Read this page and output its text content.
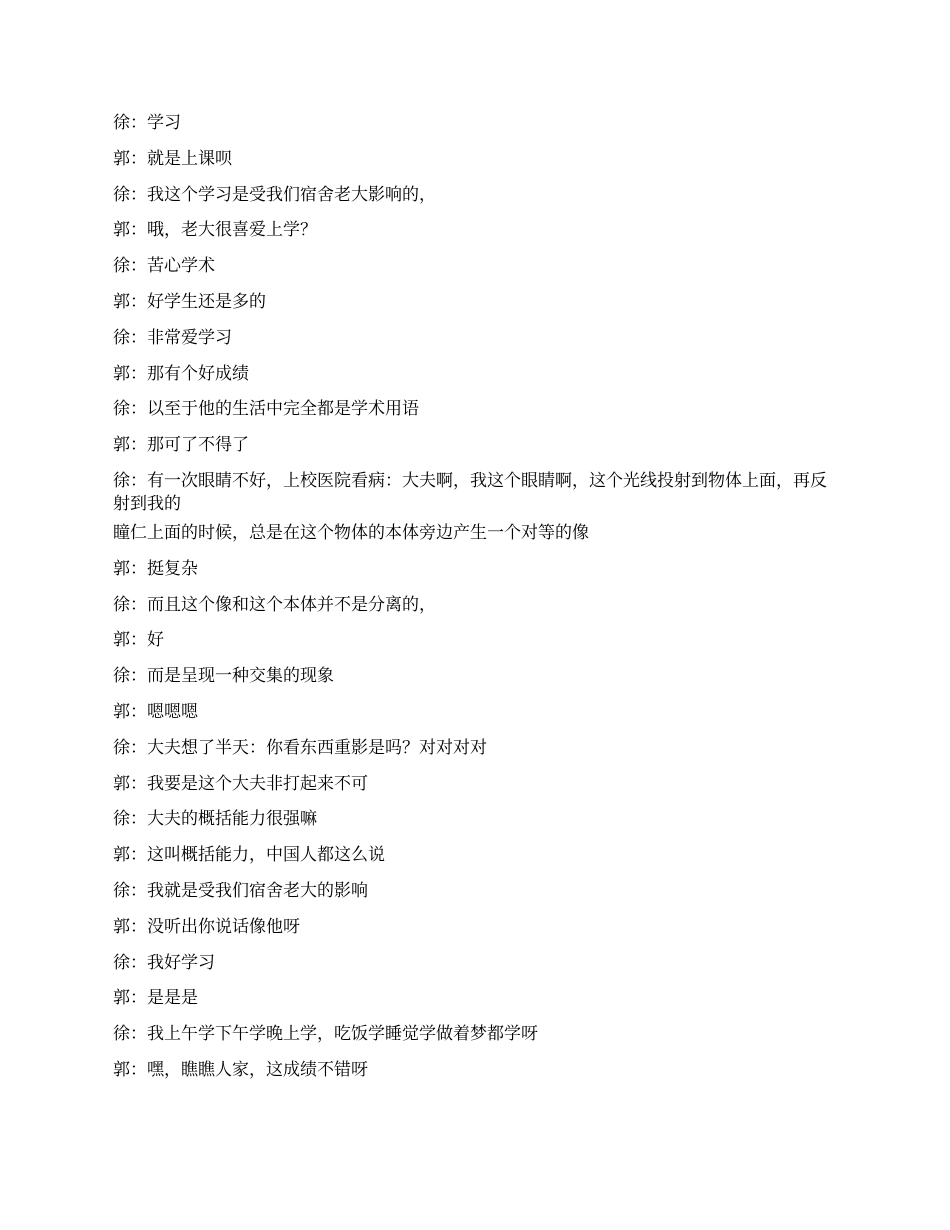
徐：学习
郭：就是上课呗
徐：我这个学习是受我们宿舍老大影响的，
郭：哦，老大很喜爱上学？
徐：苦心学术
郭：好学生还是多的
徐：非常爱学习
郭：那有个好成绩
徐：以至于他的生活中完全都是学术用语
郭：那可了不得了
徐：有一次眼睛不好，上校医院看病：大夫啊，我这个眼睛啊，这个光线投射到物体上面，再反射到我的
瞳仁上面的时候，总是在这个物体的本体旁边产生一个对等的像
郭：挺复杂
徐：而且这个像和这个本体并不是分离的，
郭：好
徐：而是呈现一种交集的现象
郭：嗯嗯嗯
徐：大夫想了半天：你看东西重影是吗？对对对对
郭：我要是这个大夫非打起来不可
徐：大夫的概括能力很强嘛
郭：这叫概括能力，中国人都这么说
徐：我就是受我们宿舍老大的影响
郭：没听出你说话像他呀
徐：我好学习
郭：是是是
徐：我上午学下午学晚上学，吃饭学睡觉学做着梦都学呀
郭：嘿，瞧瞧人家，这成绩不错呀
